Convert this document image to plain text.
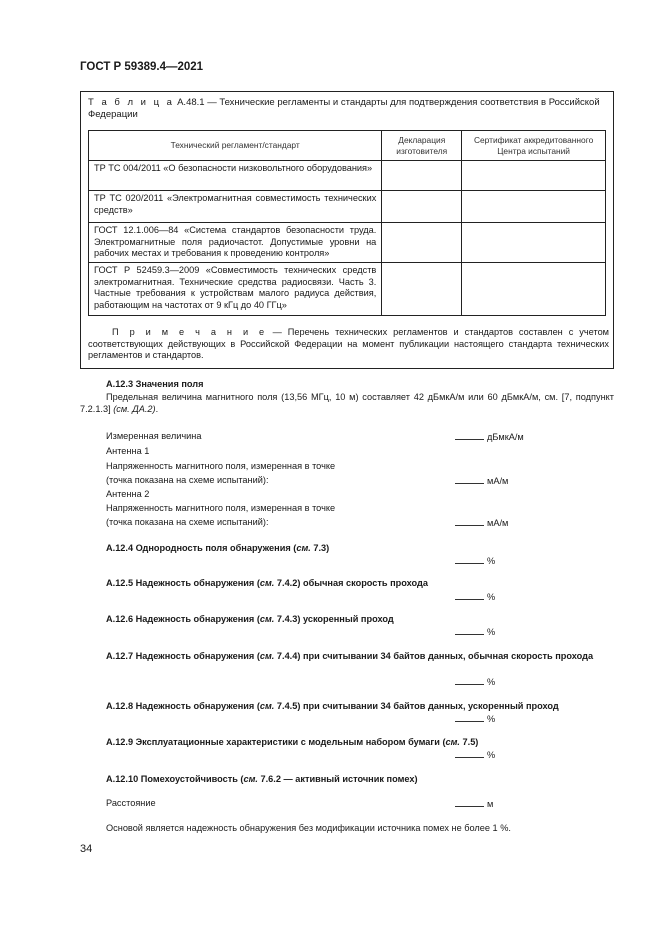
ГОСТ Р 59389.4—2021
Т а б л и ц а А.48.1 — Технические регламенты и стандарты для подтверждения соответствия в Российской Федерации
Технический регламент/стандарт	Декларация изготовителя	Сертификат аккредитованного Центра испытаний
ТР ТС 004/2011 «О безопасности низковольтного оборудования»		
ТР ТС 020/2011 «Электромагнитная совместимость технических средств»		
ГОСТ 12.1.006—84 «Система стандартов безопасности труда. Электромагнитные поля радиочастот. Допустимые уровни на рабочих местах и требования к проведению контроля»		
ГОСТ Р 52459.3—2009 «Совместимость технических средств электромагнитная. Технические средства радиосвязи. Часть 3. Частные требования к устройствам малого радиуса действия, работающим на частотах от 9 кГц до 40 ГГц»		
П р и м е ч а н и е — Перечень технических регламентов и стандартов составлен с учетом соответствующих действующих в Российской Федерации на момент публикации настоящего стандарта технических регламентов и стандартов.
А.12.3 Значения поля
Предельная величина магнитного поля (13,56 МГц, 10 м) составляет 42 дБмкА/м или 60 дБмкА/м, см. [7, подпункт 7.2.1.3] (см. ДА.2).
Измеренная величина	дБмкА/м
Антенна 1
Напряженность магнитного поля, измеренная в точке
(точка показана на схеме испытаний):	мА/м
Антенна 2
Напряженность магнитного поля, измеренная в точке
(точка показана на схеме испытаний):	мА/м
А.12.4 Однородность поля обнаружения (см. 7.3)
%
А.12.5 Надежность обнаружения (см. 7.4.2) обычная скорость прохода
%
А.12.6 Надежность обнаружения (см. 7.4.3) ускоренный проход
%
А.12.7 Надежность обнаружения (см. 7.4.4) при считывании 34 байтов данных, обычная скорость прохода
%
А.12.8 Надежность обнаружения (см. 7.4.5) при считывании 34 байтов данных, ускоренный проход
%
А.12.9 Эксплуатационные характеристики с модельным набором бумаги (см. 7.5)
%
А.12.10 Помехоустойчивость (см. 7.6.2 — активный источник помех)
Расстояние	м
Основой является надежность обнаружения без модификации источника помех не более 1 %.
34
